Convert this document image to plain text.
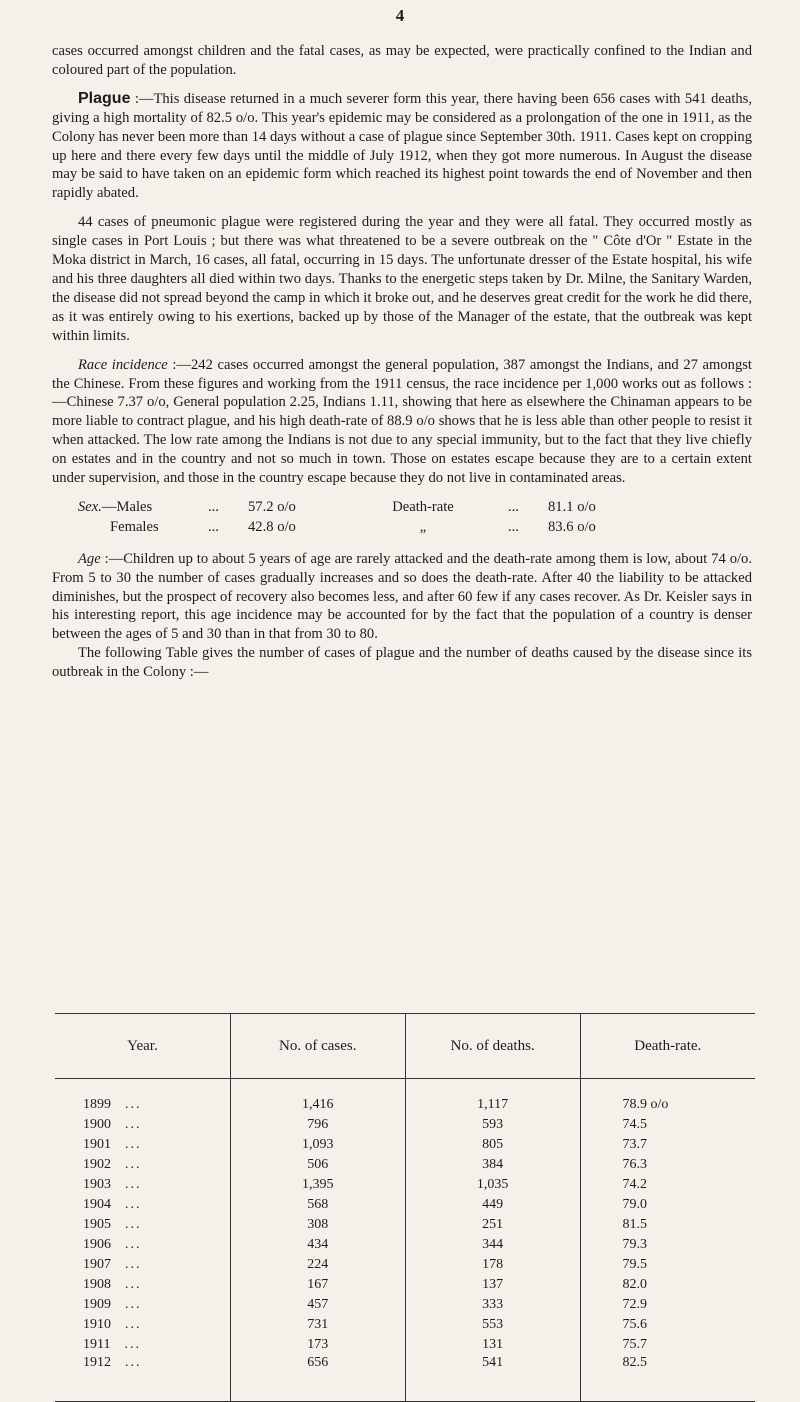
4

cases occurred amongst children and the fatal cases, as may be expected, were practically confined to the Indian and coloured part of the population.

Plague :—This disease returned in a much severer form this year, there having been 656 cases with 541 deaths, giving a high mortality of 82.5 o/o. This year's epidemic may be considered as a prolongation of the one in 1911, as the Colony has never been more than 14 days without a case of plague since September 30th. 1911. Cases kept on cropping up here and there every few days until the middle of July 1912, when they got more numerous. In August the disease may be said to have taken on an epidemic form which reached its highest point towards the end of November and then rapidly abated.

44 cases of pneumonic plague were registered during the year and they were all fatal. They occurred mostly as single cases in Port Louis ; but there was what threatened to be a severe outbreak on the " Côte d'Or " Estate in the Moka district in March, 16 cases, all fatal, occurring in 15 days. The unfortunate dresser of the Estate hospital, his wife and his three daughters all died within two days. Thanks to the energetic steps taken by Dr. Milne, the Sanitary Warden, the disease did not spread beyond the camp in which it broke out, and he deserves great credit for the work he did there, as it was entirely owing to his exertions, backed up by those of the Manager of the estate, that the outbreak was kept within limits.

Race incidence :—242 cases occurred amongst the general population, 387 amongst the Indians, and 27 amongst the Chinese. From these figures and working from the 1911 census, the race incidence per 1,000 works out as follows :—Chinese 7.37 o/o, General population 2.25, Indians 1.11, showing that here as elsewhere the Chinaman appears to be more liable to contract plague, and his high death-rate of 88.9 o/o shows that he is less able than other people to resist it when attacked. The low rate among the Indians is not due to any special immunity, but to the fact that they live chiefly on estates and in the country and not so much in town. Those on estates escape because they are to a certain extent under supervision, and those in the country escape because they do not live in contaminated areas.

Sex.—Males	...	57.2 o/o	Death-rate	...	81.1 o/o
Females	...	42.8 o/o	„	...	83.6 o/o

Age :—Children up to about 5 years of age are rarely attacked and the death-rate among them is low, about 74 o/o. From 5 to 30 the number of cases gradually increases and so does the death-rate. After 40 the liability to be attacked diminishes, but the prospect of recovery also becomes less, and after 60 few if any cases recover. As Dr. Keisler says in his interesting report, this age incidence may be accounted for by the fact that the population of a country is denser between the ages of 5 and 30 than in that from 30 to 80.

The following Table gives the number of cases of plague and the number of deaths caused by the disease since its outbreak in the Colony :—

Year.	No. of cases.	No. of deaths.	Death-rate.

1899 ...	1,416	1,117	78.9 o/o
1900 ...	796	593	74.5
1901 ...	1,093	805	73.7
1902 ...	506	384	76.3
1903 ...	1,395	1,035	74.2
1904 ...	568	449	79.0
1905 ...	308	251	81.5
1906 ...	434	344	79.3
1907 ...	224	178	79.5
1908 ...	167	137	82.0
1909 ...	457	333	72.9
1910 ...	731	553	75.6
1911 ...	173	131	75.7
1912 ...	656	541	82.5
